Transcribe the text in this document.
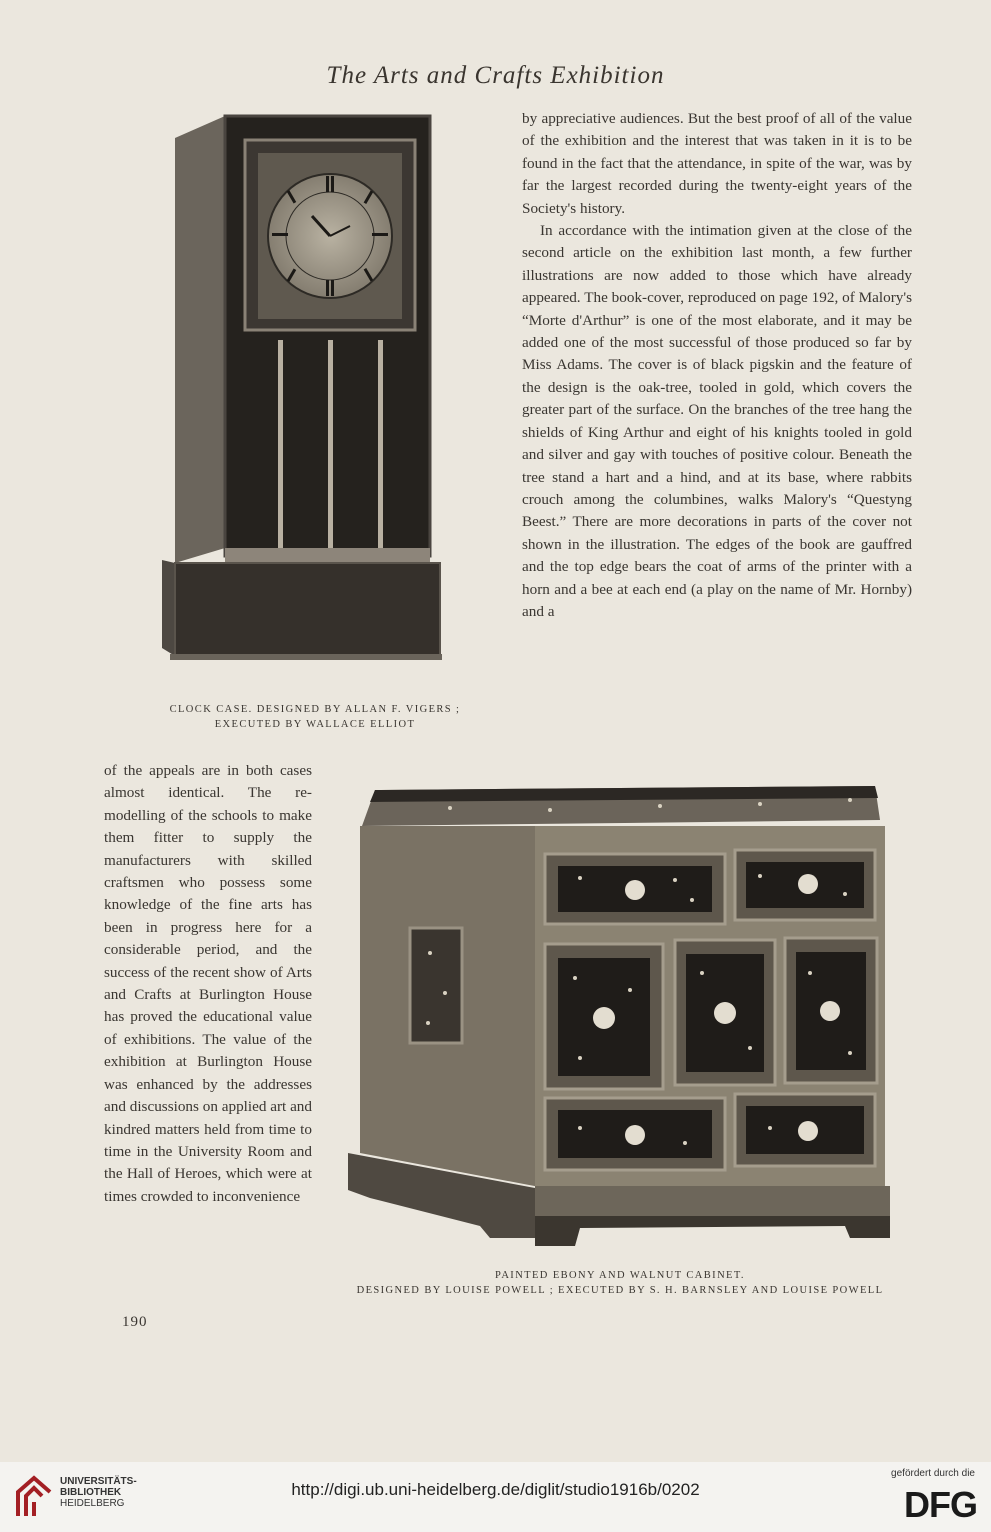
The Arts and Crafts Exhibition
CLOCK CASE. DESIGNED BY ALLAN F. VIGERS ;
EXECUTED BY WALLACE ELLIOT

by appreciative audiences. But the best proof of all of the value of the exhibition and the interest that was taken in it is to be found in the fact that the attendance, in spite of the war, was by far the largest recorded during the twenty-eight years of the Society's history.

In accordance with the intimation given at the close of the second article on the exhibition last month, a few further illustrations are now added to those which have already appeared. The book-cover, reproduced on page 192, of Malory's “Morte d'Arthur” is one of the most elaborate, and it may be added one of the most successful of those produced so far by Miss Adams. The cover is of black pigskin and the feature of the design is the oak-tree, tooled in gold, which covers the greater part of the surface. On the branches of the tree hang the shields of King Arthur and eight of his knights tooled in gold and silver and gay with touches of positive colour. Beneath the tree stand a hart and a hind, and at its base, where rabbits crouch among the columbines, walks Malory's “Questyng Beest.” There are more decorations in parts of the cover not shown in the illustration. The edges of the book are gauffred and the top edge bears the coat of arms of the printer with a horn and a bee at each end (a play on the name of Mr. Hornby) and a

of the appeals are in both cases almost identical. The re-modelling of the schools to make them fitter to supply the manufacturers with skilled craftsmen who possess some knowledge of the fine arts has been in progress here for a considerable period, and the success of the recent show of Arts and Crafts at Burlington House has proved the educational value of exhibitions. The value of the exhibition at Burlington House was enhanced by the addresses and discussions on applied art and kindred matters held from time to time in the University Room and the Hall of Heroes, which were at times crowded to inconvenience

PAINTED EBONY AND WALNUT CABINET.
DESIGNED BY LOUISE POWELL ; EXECUTED BY S. H. BARNSLEY AND LOUISE POWELL
190
UNIVERSITÄTS-
BIBLIOTHEK
HEIDELBERG
http://digi.ub.uni-heidelberg.de/diglit/studio1916b/0202
gefördert durch die
DFG
